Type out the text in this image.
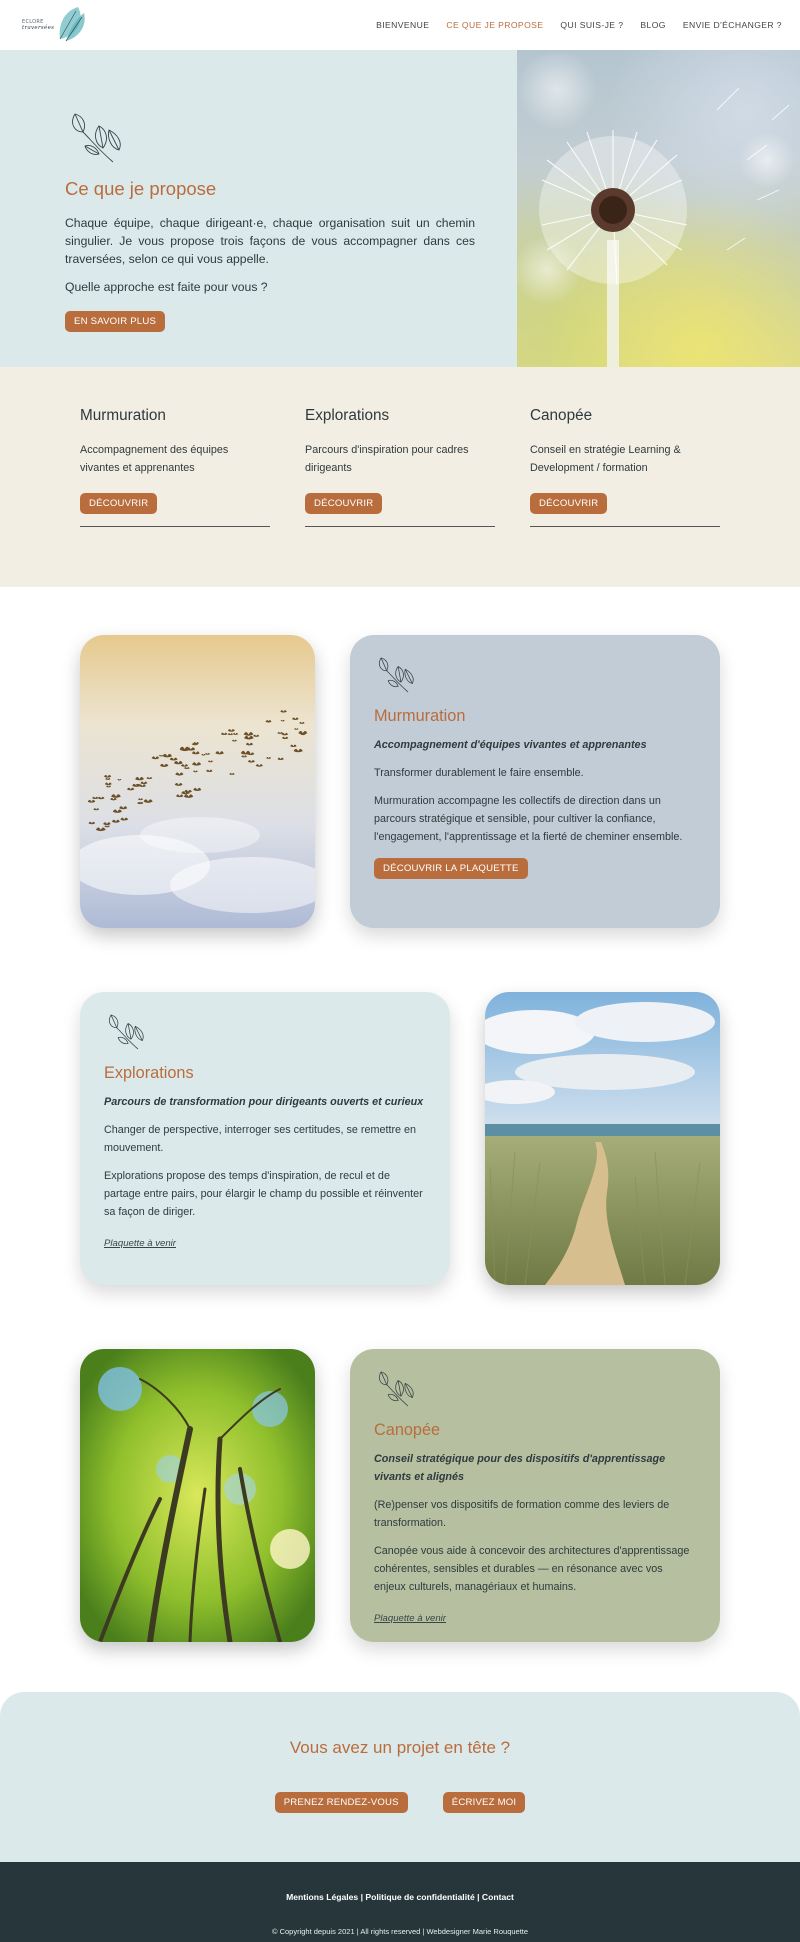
ECLORE
traversées	BIENVENUE CE QUE JE PROPOSE QUI SUIS-JE ? BLOG ENVIE D'ÉCHANGER ?
Ce que je propose

Chaque équipe, chaque dirigeant·e, chaque organisation suit un chemin singulier. Je vous propose trois façons de vous accompagner dans ces traversées, selon ce qui vous appelle.

Quelle approche est faite pour vous ?

EN SAVOIR PLUS
Murmuration

Accompagnement des équipes vivantes et apprenantes

DÉCOUVRIR
Explorations

Parcours d'inspiration pour cadres dirigeants

DÉCOUVRIR
Canopée

Conseil en stratégie Learning & Development / formation

DÉCOUVRIR
Murmuration
Accompagnement d'équipes vivantes et apprenantes

Transformer durablement le faire ensemble.

Murmuration accompagne les collectifs de direction dans un parcours stratégique et sensible, pour cultiver la confiance, l'engagement, l'apprentissage et la fierté de cheminer ensemble.

DÉCOUVRIR LA PLAQUETTE
Explorations
Parcours de transformation pour dirigeants ouverts et curieux

Changer de perspective, interroger ses certitudes, se remettre en mouvement.

Explorations propose des temps d'inspiration, de recul et de partage entre pairs, pour élargir le champ du possible et réinventer sa façon de diriger.

Plaquette à venir
Canopée
Conseil stratégique pour des dispositifs d'apprentissage vivants et alignés

(Re)penser vos dispositifs de formation comme des leviers de transformation.

Canopée vous aide à concevoir des architectures d'apprentissage cohérentes, sensibles et durables — en résonance avec vos enjeux culturels, managériaux et humains.

Plaquette à venir
Vous avez un projet en tête ?
PRENEZ RENDEZ-VOUS	ÉCRIVEZ MOI
Mentions Légales | Politique de confidentialité | Contact
© Copyright depuis 2021 | All rights reserved | Webdesigner Marie Rouquette
